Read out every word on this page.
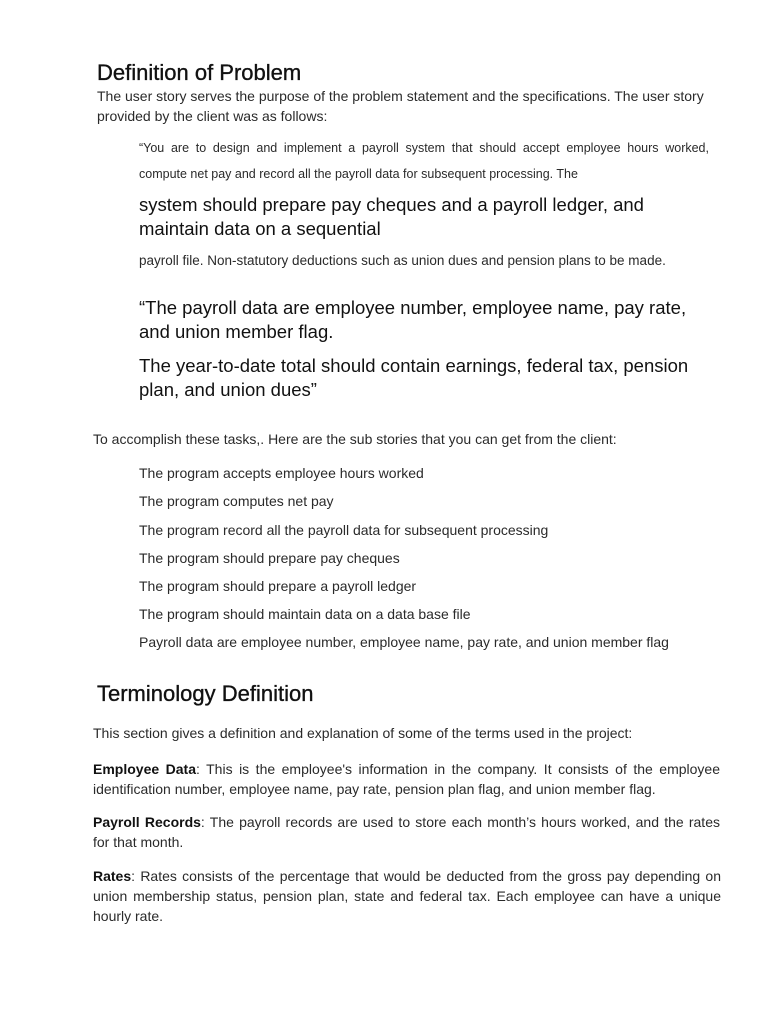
Definition of Problem
The user story serves the purpose of the problem statement and the specifications. The user story provided by the client was as follows:
“You are to design and implement a payroll system that should accept employee hours worked, compute net pay and record all the payroll data for subsequent processing. The
system should prepare pay cheques and a payroll ledger, and maintain data on a sequential
payroll file. Non-statutory deductions such as union dues and pension plans to be made.
“The payroll data are employee number, employee name, pay rate, and union member flag.
The year-to-date total should contain earnings, federal tax, pension plan, and union dues”
To accomplish these tasks,. Here are the sub stories that you can get from the client:
The program accepts employee hours worked
The program computes net pay
The program record all the payroll data for subsequent processing
The program should prepare pay cheques
The program should prepare a payroll ledger
The program should maintain data on a data base file
Payroll data are employee number, employee name, pay rate, and union member flag
Terminology Definition
This section gives a definition and explanation of some of the terms used in the project:
Employee Data: This is the employee's information in the company. It consists of the employee identification number, employee name, pay rate, pension plan flag, and union member flag.
Payroll Records: The payroll records are used to store each month’s hours worked, and the rates for that month.
Rates: Rates consists of the percentage that would be deducted from the gross pay depending on union membership status, pension plan, state and federal tax. Each employee can have a unique hourly rate.
